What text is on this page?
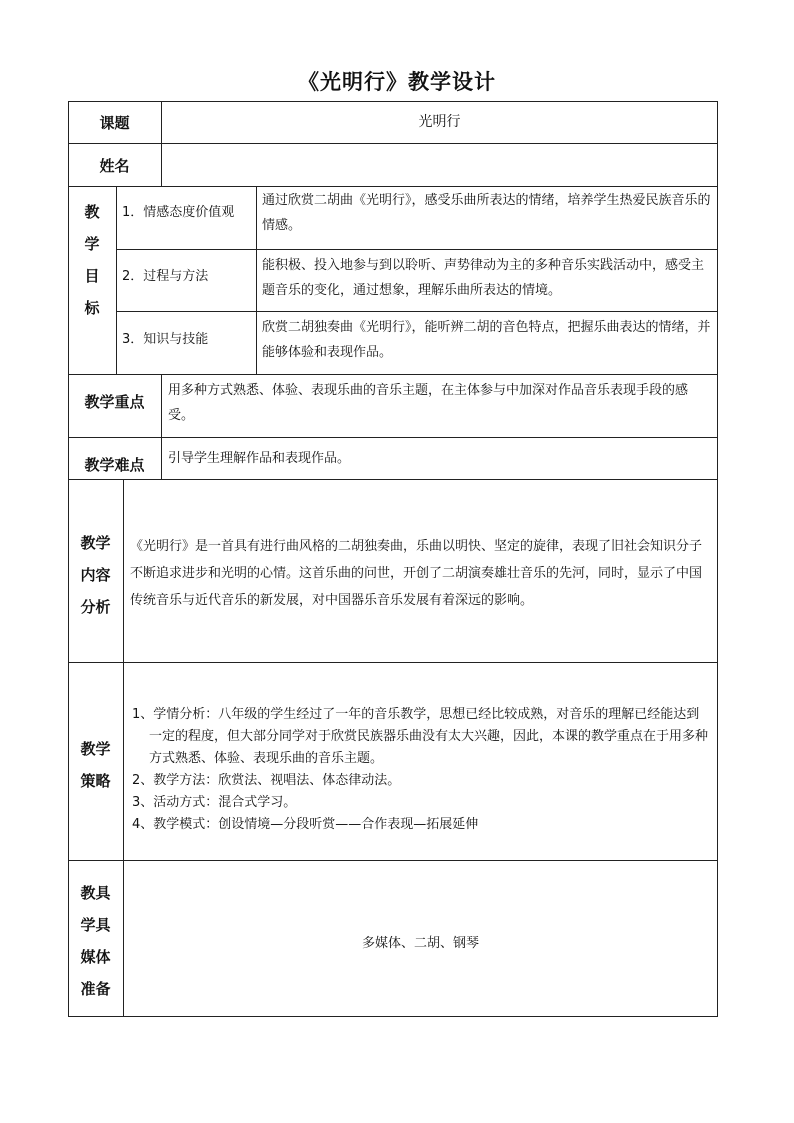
《光明行》教学设计
课题	光明行
姓名
教
学
目
标
1．情感态度价值观
通过欣赏二胡曲《光明行》，感受乐曲所表达的情绪，培养学生热爱民族音乐的情感。
2．过程与方法
能积极、投入地参与到以聆听、声势律动为主的多种音乐实践活动中，感受主题音乐的变化，通过想象，理解乐曲所表达的情境。
3．知识与技能
欣赏二胡独奏曲《光明行》，能听辨二胡的音色特点，把握乐曲表达的情绪，并能够体验和表现作品。
教学重点
用多种方式熟悉、体验、表现乐曲的音乐主题，在主体参与中加深对作品音乐表现手段的感受。
教学难点	引导学生理解作品和表现作品。
教学
内容
分析
《光明行》是一首具有进行曲风格的二胡独奏曲，乐曲以明快、坚定的旋律，表现了旧社会知识分子不断追求进步和光明的心情。这首乐曲的问世，开创了二胡演奏雄壮音乐的先河，同时，显示了中国传统音乐与近代音乐的新发展，对中国器乐音乐发展有着深远的影响。
教学
策略

1、学情分析：八年级的学生经过了一年的音乐教学，思想已经比较成熟，对音乐的理解已经能达到一定的程度，但大部分同学对于欣赏民族器乐曲没有太大兴趣，因此，本课的教学重点在于用多种方式熟悉、体验、表现乐曲的音乐主题。

2、教学方法：欣赏法、视唱法、体态律动法。

3、活动方式：混合式学习。

4、教学模式：创设情境—分段听赏——合作表现—拓展延伸

教具
学具
媒体
准备
多媒体、二胡、钢琴
